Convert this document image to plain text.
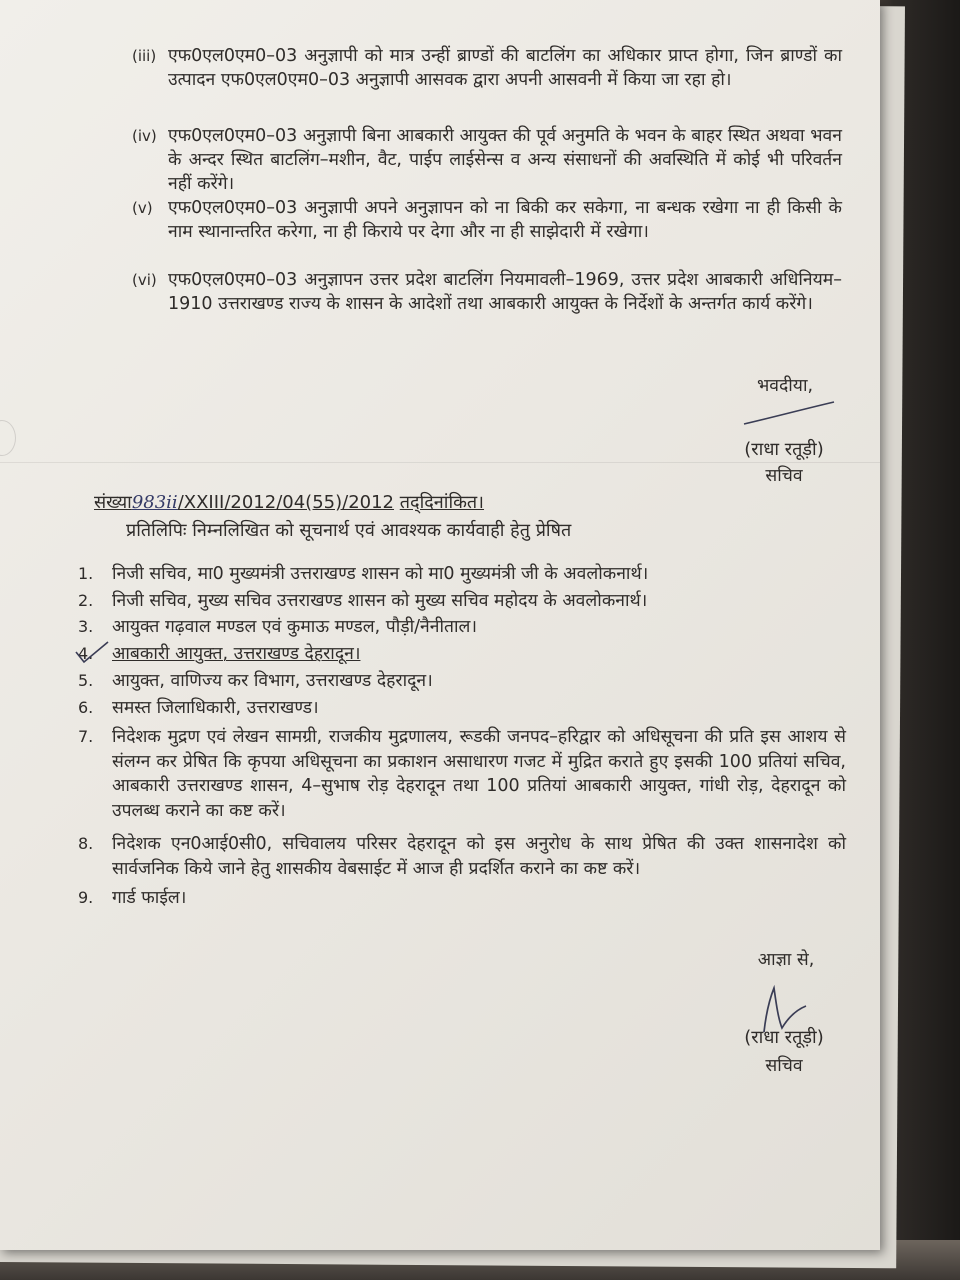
(iii) एफ0एल0एम0–03 अनुज्ञापी को मात्र उन्हीं ब्राण्डों की बाटलिंग का अधिकार प्राप्त होगा, जिन ब्राण्डों का उत्पादन एफ0एल0एम0–03 अनुज्ञापी आसवक द्वारा अपनी आसवनी में किया जा रहा हो।
(iv) एफ0एल0एम0–03 अनुज्ञापी बिना आबकारी आयुक्त की पूर्व अनुमति के भवन के बाहर स्थित अथवा भवन के अन्दर स्थित बाटलिंग–मशीन, वैट, पाईप लाईसेन्स व अन्य संसाधनों की अवस्थिति में कोई भी परिवर्तन नहीं करेंगे।
(v) एफ0एल0एम0–03 अनुज्ञापी अपने अनुज्ञापन को ना बिकी कर सकेगा, ना बन्धक रखेगा ना ही किसी के नाम स्थानान्तरित करेगा, ना ही किराये पर देगा और ना ही साझेदारी में रखेगा।
(vi) एफ0एल0एम0–03 अनुज्ञापन उत्तर प्रदेश बाटलिंग नियमावली–1969, उत्तर प्रदेश आबकारी अधिनियम–1910 उत्तराखण्ड राज्य के शासन के आदेशों तथा आबकारी आयुक्त के निर्देशों के अन्तर्गत कार्य करेंगे।
भवदीया,
(राधा रतूड़ी)
सचिव
संख्या983ii/XXIII/2012/04(55)/2012 तद्‌दिनांकित।
प्रतिलिपिः निम्नलिखित को सूचनार्थ एवं आवश्यक कार्यवाही हेतु प्रेषित
1.	निजी सचिव, मा0 मुख्यमंत्री उत्तराखण्ड शासन को मा0 मुख्यमंत्री जी के अवलोकनार्थ।
2.	निजी सचिव, मुख्य सचिव उत्तराखण्ड शासन को मुख्य सचिव महोदय के अवलोकनार्थ।
3.	आयुक्त गढ़वाल मण्डल एवं कुमाऊ मण्डल, पौड़ी/नैनीताल।
4.	आबकारी आयुक्त, उत्तराखण्ड देहरादून।
5.	आयुक्त, वाणिज्य कर विभाग, उत्तराखण्ड देहरादून।
6.	समस्त जिलाधिकारी, उत्तराखण्ड।
7.	निदेशक मुद्रण एवं लेखन सामग्री, राजकीय मुद्रणालय, रूडकी जनपद–हरिद्वार को अधिसूचना की प्रति इस आशय से संलग्न कर प्रेषित कि कृपया अधिसूचना का प्रकाशन असाधारण गजट में मुद्रित कराते हुए इसकी 100 प्रतियां सचिव, आबकारी उत्तराखण्ड शासन, 4–सुभाष रोड़ देहरादून तथा 100 प्रतियां आबकारी आयुक्त, गांधी रोड़, देहरादून को उपलब्ध कराने का कष्ट करें।
8.	निदेशक एन0आई0सी0, सचिवालय परिसर देहरादून को इस अनुरोध के साथ प्रेषित की उक्त शासनादेश को सार्वजनिक किये जाने हेतु शासकीय वेबसाईट में आज ही प्रदर्शित कराने का कष्ट करें।
9.	गार्ड फाईल।
आज्ञा से,
(राधा रतूड़ी)
सचिव
